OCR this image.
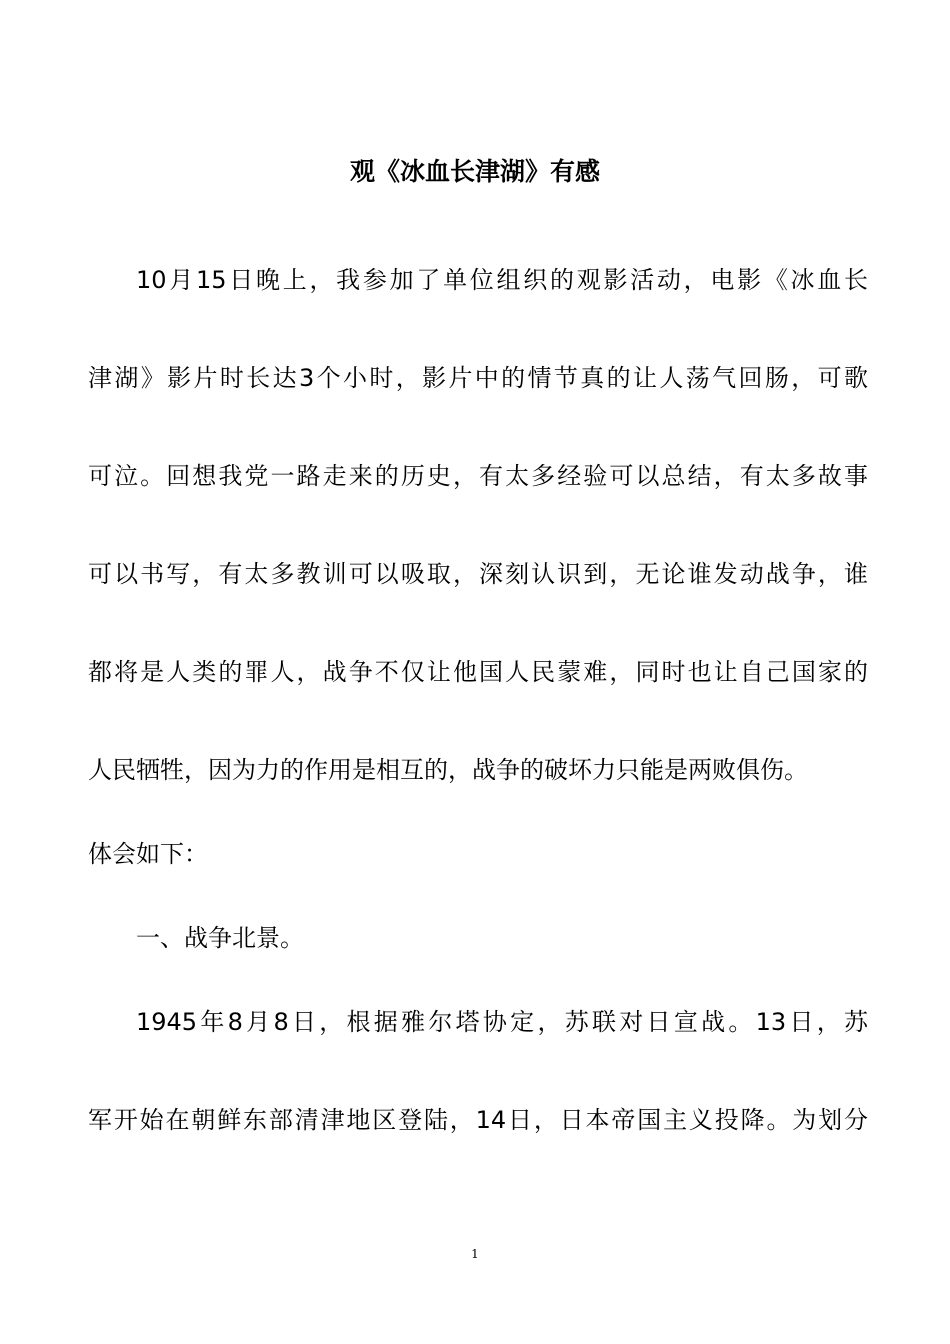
观《冰血长津湖》有感
10月15日晚上，我参加了单位组织的观影活动，电影《冰血长
津湖》影片时长达3个小时，影片中的情节真的让人荡气回肠，可歌
可泣。回想我党一路走来的历史，有太多经验可以总结，有太多故事
可以书写，有太多教训可以吸取，深刻认识到，无论谁发动战争，谁
都将是人类的罪人，战争不仅让他国人民蒙难，同时也让自己国家的
人民牺牲，因为力的作用是相互的，战争的破坏力只能是两败俱伤。
体会如下：
一、战争北景。
1945年8月8日，根据雅尔塔协定，苏联对日宣战。13日，苏
军开始在朝鲜东部清津地区登陆，14日，日本帝国主义投降。为划分
1
